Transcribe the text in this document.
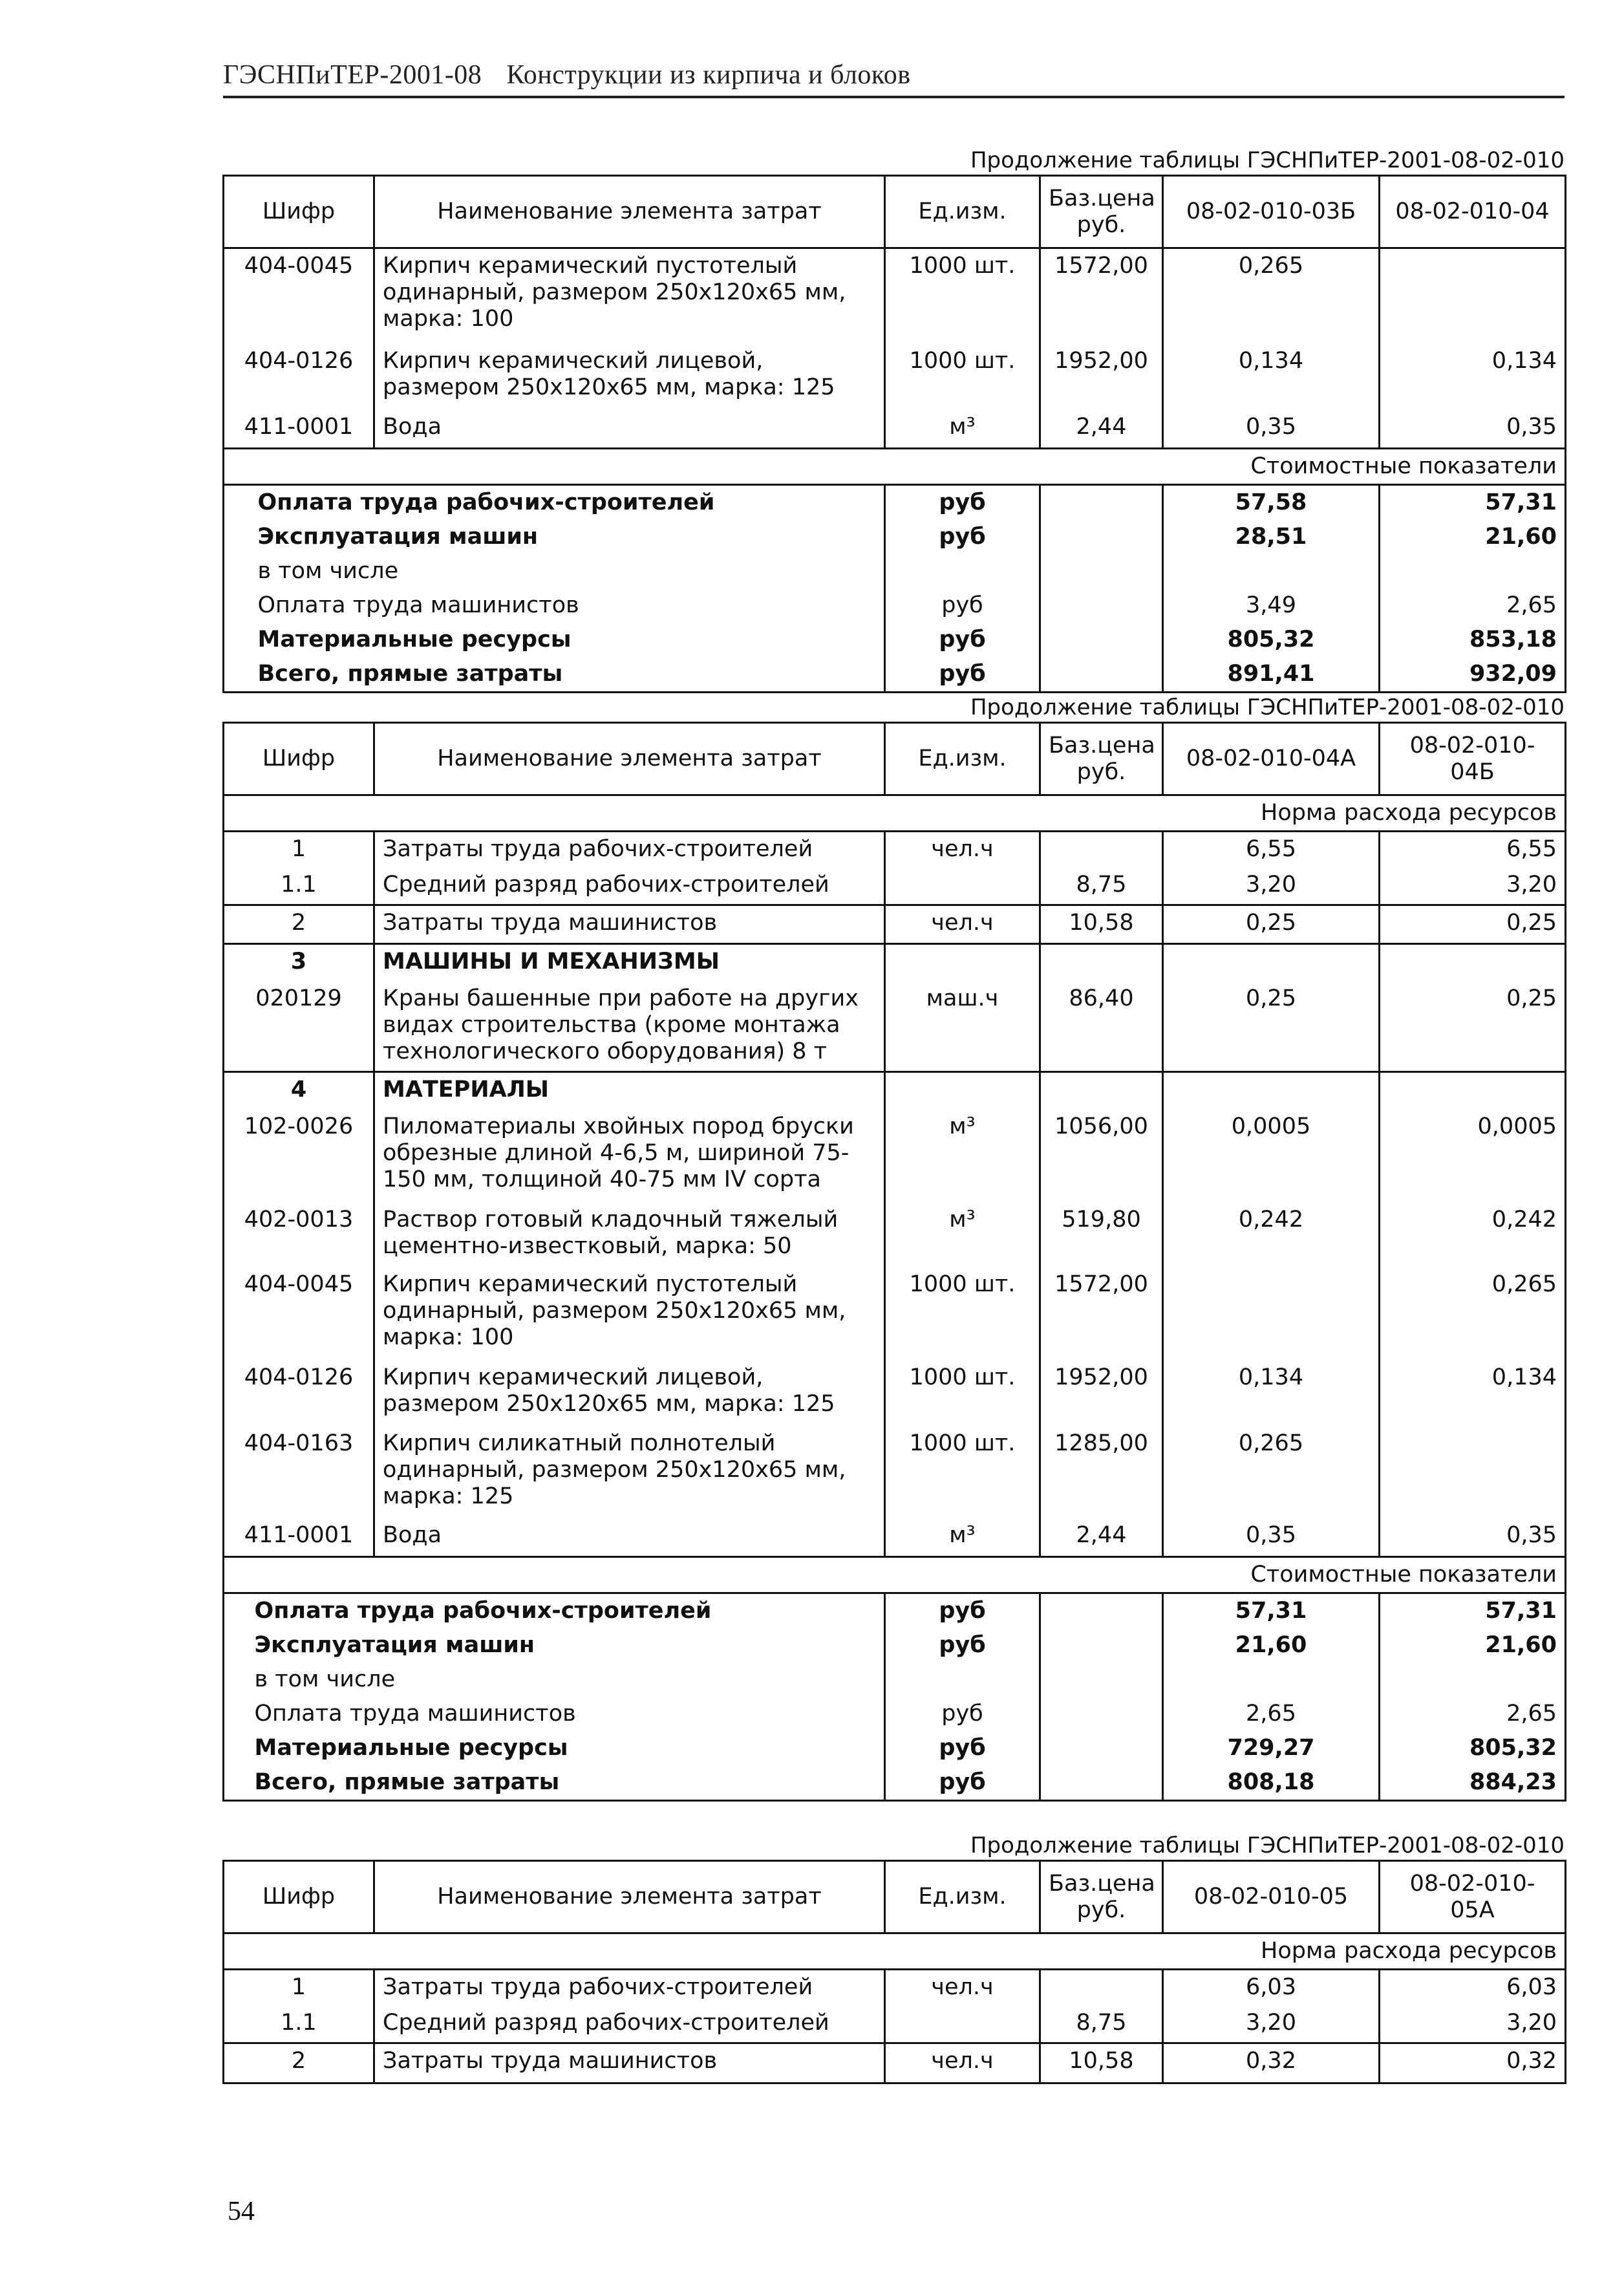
ГЭСНПиТЕР-2001-08 Конструкции из кирпича и блоков
Продолжение таблицы ГЭСНПиТЕР-2001-08-02-010
Шифр	Наименование элемента затрат	Ед.изм.	Баз.цена руб.	08-02-010-03Б	08-02-010-04
404-0045	Кирпич керамический пустотелый одинарный, размером 250х120х65 мм, марка: 100	1000 шт.	1572,00	0,265	
404-0126	Кирпич керамический лицевой, размером 250х120х65 мм, марка: 125	1000 шт.	1952,00	0,134	0,134
411-0001	Вода	м³	2,44	0,35	0,35
Стоимостные показатели
	Оплата труда рабочих-строителей	руб		57,58	57,31
	Эксплуатация машин	руб		28,51	21,60
	в том числе				
	Оплата труда машинистов	руб		3,49	2,65
	Материальные ресурсы	руб		805,32	853,18
	Всего, прямые затраты	руб		891,41	932,09
Продолжение таблицы ГЭСНПиТЕР-2001-08-02-010
Шифр	Наименование элемента затрат	Ед.изм.	Баз.цена руб.	08-02-010-04А	08-02-010-04Б
Норма расхода ресурсов
1	Затраты труда рабочих-строителей	чел.ч		6,55	6,55
1.1	Средний разряд рабочих-строителей		8,75	3,20	3,20
2	Затраты труда машинистов	чел.ч	10,58	0,25	0,25
3	МАШИНЫ И МЕХАНИЗМЫ				
020129	Краны башенные при работе на других видах строительства (кроме монтажа технологического оборудования) 8 т	маш.ч	86,40	0,25	0,25
4	МАТЕРИАЛЫ				
102-0026	Пиломатериалы хвойных пород бруски обрезные длиной 4-6,5 м, шириной 75-150 мм, толщиной 40-75 мм IV сорта	м³	1056,00	0,0005	0,0005
402-0013	Раствор готовый кладочный тяжелый цементно-известковый, марка: 50	м³	519,80	0,242	0,242
404-0045	Кирпич керамический пустотелый одинарный, размером 250х120х65 мм, марка: 100	1000 шт.	1572,00		0,265
404-0126	Кирпич керамический лицевой, размером 250х120х65 мм, марка: 125	1000 шт.	1952,00	0,134	0,134
404-0163	Кирпич силикатный полнотелый одинарный, размером 250х120х65 мм, марка: 125	1000 шт.	1285,00	0,265	
411-0001	Вода	м³	2,44	0,35	0,35
Стоимостные показатели
	Оплата труда рабочих-строителей	руб		57,31	57,31
	Эксплуатация машин	руб		21,60	21,60
	в том числе				
	Оплата труда машинистов	руб		2,65	2,65
	Материальные ресурсы	руб		729,27	805,32
	Всего, прямые затраты	руб		808,18	884,23
Продолжение таблицы ГЭСНПиТЕР-2001-08-02-010
Шифр	Наименование элемента затрат	Ед.изм.	Баз.цена руб.	08-02-010-05	08-02-010-05А
Норма расхода ресурсов					
1	Затраты труда рабочих-строителей	чел.ч		6,03	6,03
1.1	Средний разряд рабочих-строителей		8,75	3,20	3,20
2	Затраты труда машинистов	чел.ч	10,58	0,32	0,32
54
